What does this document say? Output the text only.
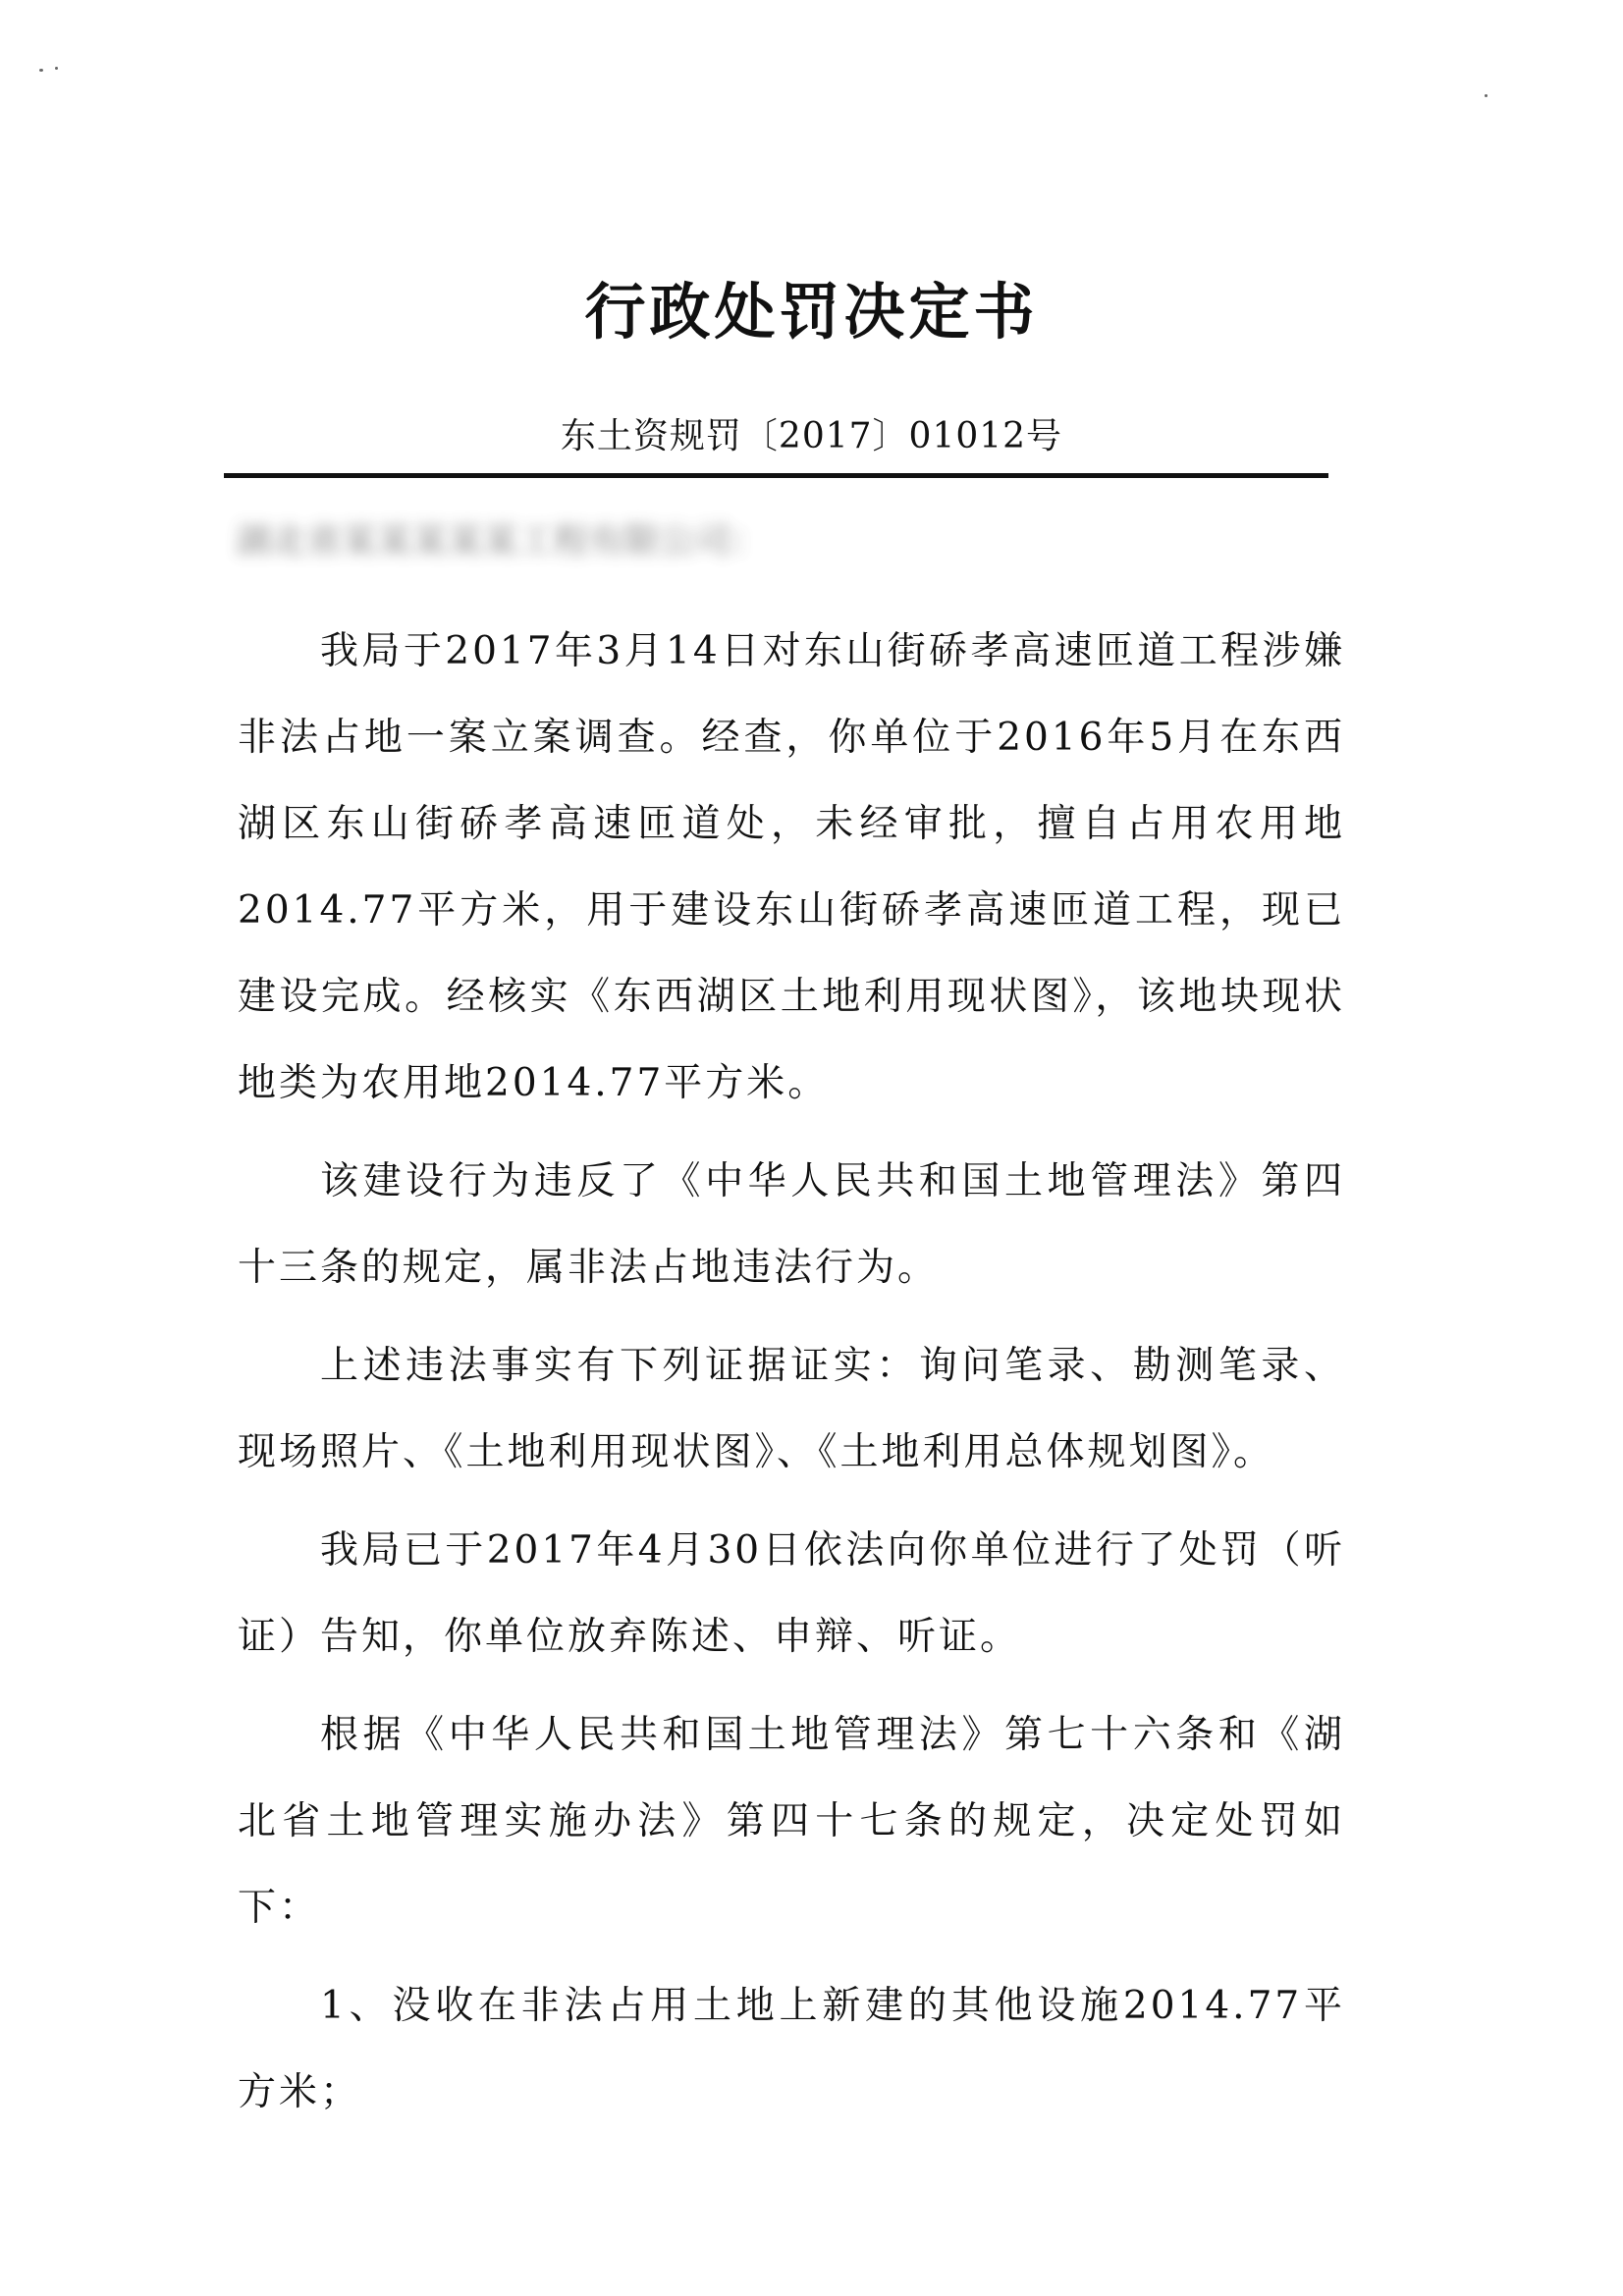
行政处罚决定书
东土资规罚〔2017〕01012号
湖北省某某某某某工程有限公司：

我局于2017年3月14日对东山街硚孝高速匝道工程涉嫌非法占地一案立案调查。经查，你单位于2016年5月在东西湖区东山街硚孝高速匝道处，未经审批，擅自占用农用地2014.77平方米，用于建设东山街硚孝高速匝道工程，现已建设完成。经核实《东西湖区土地利用现状图》，该地块现状地类为农用地2014.77平方米。

该建设行为违反了《中华人民共和国土地管理法》第四十三条的规定，属非法占地违法行为。

上述违法事实有下列证据证实：询问笔录、勘测笔录、现场照片、《土地利用现状图》、《土地利用总体规划图》。

我局已于2017年4月30日依法向你单位进行了处罚（听证）告知，你单位放弃陈述、申辩、听证。

根据《中华人民共和国土地管理法》第七十六条和《湖北省土地管理实施办法》第四十七条的规定，决定处罚如下：

1、没收在非法占用土地上新建的其他设施2014.77平方米；
